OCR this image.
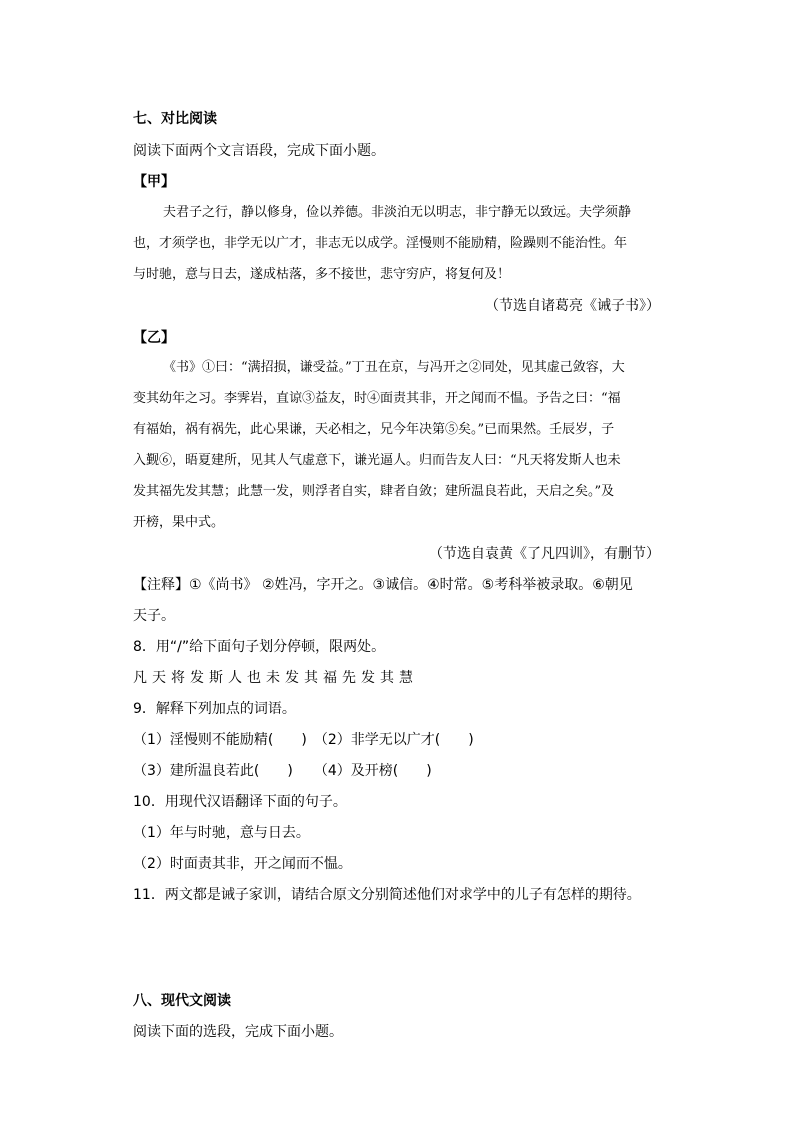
七、对比阅读
阅读下面两个文言语段，完成下面小题。
【甲】
夫君子之行，静以修身，俭以养德。非淡泊无以明志，非宁静无以致远。夫学须静
也，才须学也，非学无以广才，非志无以成学。淫慢则不能励精，险躁则不能治性。年
与时驰，意与日去，遂成枯落，多不接世，悲守穷庐，将复何及！
（节选自诸葛亮《诫子书》）
【乙】
《书》①曰：“满招损，谦受益。”丁丑在京，与冯开之②同处，见其虚己敛容，大
变其幼年之习。李霁岩，直谅③益友，时④面责其非，开之闻而不愠。予告之曰：“福
有福始，祸有祸先，此心果谦，天必相之，兄今年决第⑤矣。”已而果然。壬辰岁，子
入觐⑥，晤夏建所，见其人气虚意下，谦光逼人。归而告友人曰：“凡天将发斯人也未
发其福先发其慧；此慧一发，则浮者自实，肆者自敛；建所温良若此，天启之矣。”及
开榜，果中式。
（节选自袁黄《了凡四训》，有删节）
【注释】①《尚书》 ②姓冯，字开之。③诚信。④时常。⑤考科举被录取。⑥朝见
天子。
8．用“/”给下面句子划分停顿，限两处。
凡天将发斯人也未发其福先发其慧
9．解释下列加点的词语。
（1）淫慢则不能励精(　　)　（2）非学无以广才(　　)
（3）建所温良若此(　　)　　（4）及开榜(　　)
10．用现代汉语翻译下面的句子。
（1）年与时驰，意与日去。
（2）时面责其非，开之闻而不愠。
11．两文都是诫子家训，请结合原文分别简述他们对求学中的儿子有怎样的期待。
八、现代文阅读
阅读下面的选段，完成下面小题。
